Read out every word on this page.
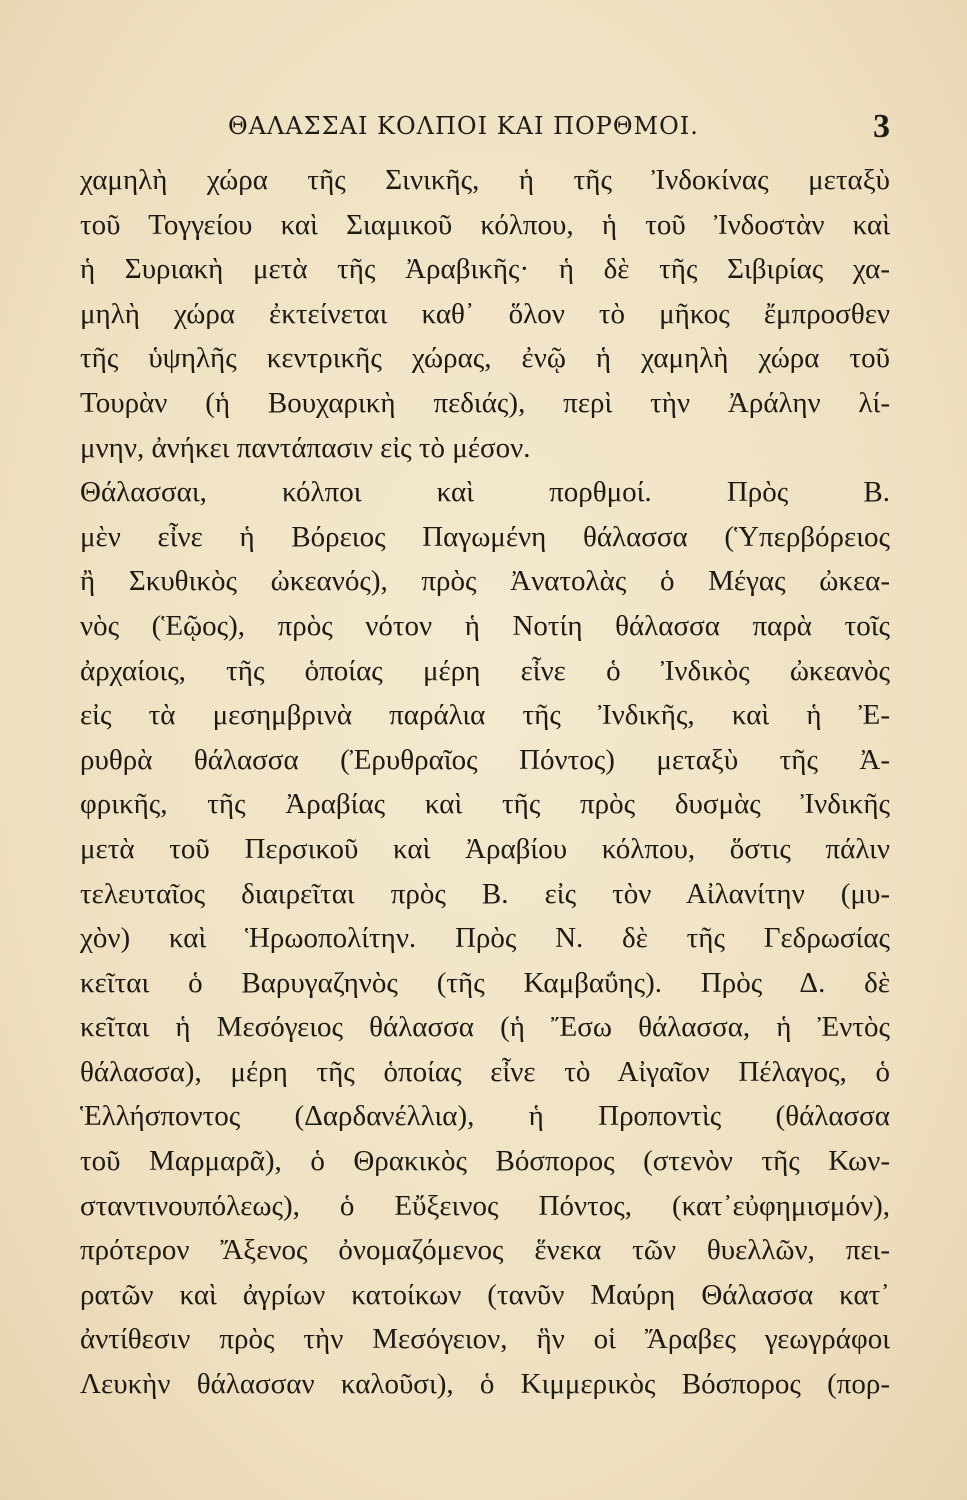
ΘΑΛΑΣΣΑΙ ΚΟΛΠΟΙ ΚΑΙ ΠΟΡΘΜΟΙ.	3
χαμηλὴ χώρα τῆς Σινικῆς, ἡ τῆς Ἰνδοκίνας μεταξὺ
τοῦ Τογγείου καὶ Σιαμικοῦ κόλπου, ἡ τοῦ Ἰνδοστὰν καὶ
ἡ Συριακὴ μετὰ τῆς Ἀραβικῆς· ἡ δὲ τῆς Σιβιρίας χα-
μηλὴ χώρα ἐκτείνεται καθ᾽ ὅλον τὸ μῆκος ἔμπροσθεν
τῆς ὑψηλῆς κεντρικῆς χώρας, ἐνῷ ἡ χαμηλὴ χώρα τοῦ
Τουρὰν (ἡ Βουχαρικὴ πεδιάς), περὶ τὴν Ἀράλην λί-
μνην, ἀνήκει παντάπασιν εἰς τὸ μέσον.
Θάλασσαι, κόλποι καὶ πορθμοί. Πρὸς Β.
μὲν εἶνε ἡ Βόρειος Παγωμένη θάλασσα (Ὑπερβόρειος
ἢ Σκυθικὸς ὠκεανός), πρὸς Ἀνατολὰς ὁ Μέγας ὠκεα-
νὸς (Ἑῷος), πρὸς νότον ἡ Νοτίη θάλασσα παρὰ τοῖς
ἀρχαίοις, τῆς ὁποίας μέρη εἶνε ὁ Ἰνδικὸς ὠκεανὸς
εἰς τὰ μεσημβρινὰ παράλια τῆς Ἰνδικῆς, καὶ ἡ Ἐ-
ρυθρὰ θάλασσα (Ἐρυθραῖος Πόντος) μεταξὺ τῆς Ἀ-
φρικῆς, τῆς Ἀραβίας καὶ τῆς πρὸς δυσμὰς Ἰνδικῆς
μετὰ τοῦ Περσικοῦ καὶ Ἀραβίου κόλπου, ὅστις πάλιν
τελευταῖος διαιρεῖται πρὸς Β. εἰς τὸν Αἰλανίτην (μυ-
χὸν) καὶ Ἡρωοπολίτην. Πρὸς Ν. δὲ τῆς Γεδρωσίας
κεῖται ὁ Βαρυγαζηνὸς (τῆς Καμβαΰης). Πρὸς Δ. δὲ
κεῖται ἡ Μεσόγειος θάλασσα (ἡ Ἔσω θάλασσα, ἡ Ἐντὸς
θάλασσα), μέρη τῆς ὁποίας εἶνε τὸ Αἰγαῖον Πέλαγος, ὁ
Ἑλλήσποντος (Δαρδανέλλια), ἡ Προποντὶς (θάλασσα
τοῦ Μαρμαρᾶ), ὁ Θρακικὸς Βόσπορος (στενὸν τῆς Κων-
σταντινουπόλεως), ὁ Εὔξεινος Πόντος, (κατ᾽εὐφημισμόν),
πρότερον Ἄξενος ὀνομαζόμενος ἕνεκα τῶν θυελλῶν, πει-
ρατῶν καὶ ἀγρίων κατοίκων (τανῦν Μαύρη Θάλασσα κατ᾽
ἀντίθεσιν πρὸς τὴν Μεσόγειον, ἣν οἱ Ἄραβες γεωγράφοι
Λευκὴν θάλασσαν καλοῦσι), ὁ Κιμμερικὸς Βόσπορος (πορ-
